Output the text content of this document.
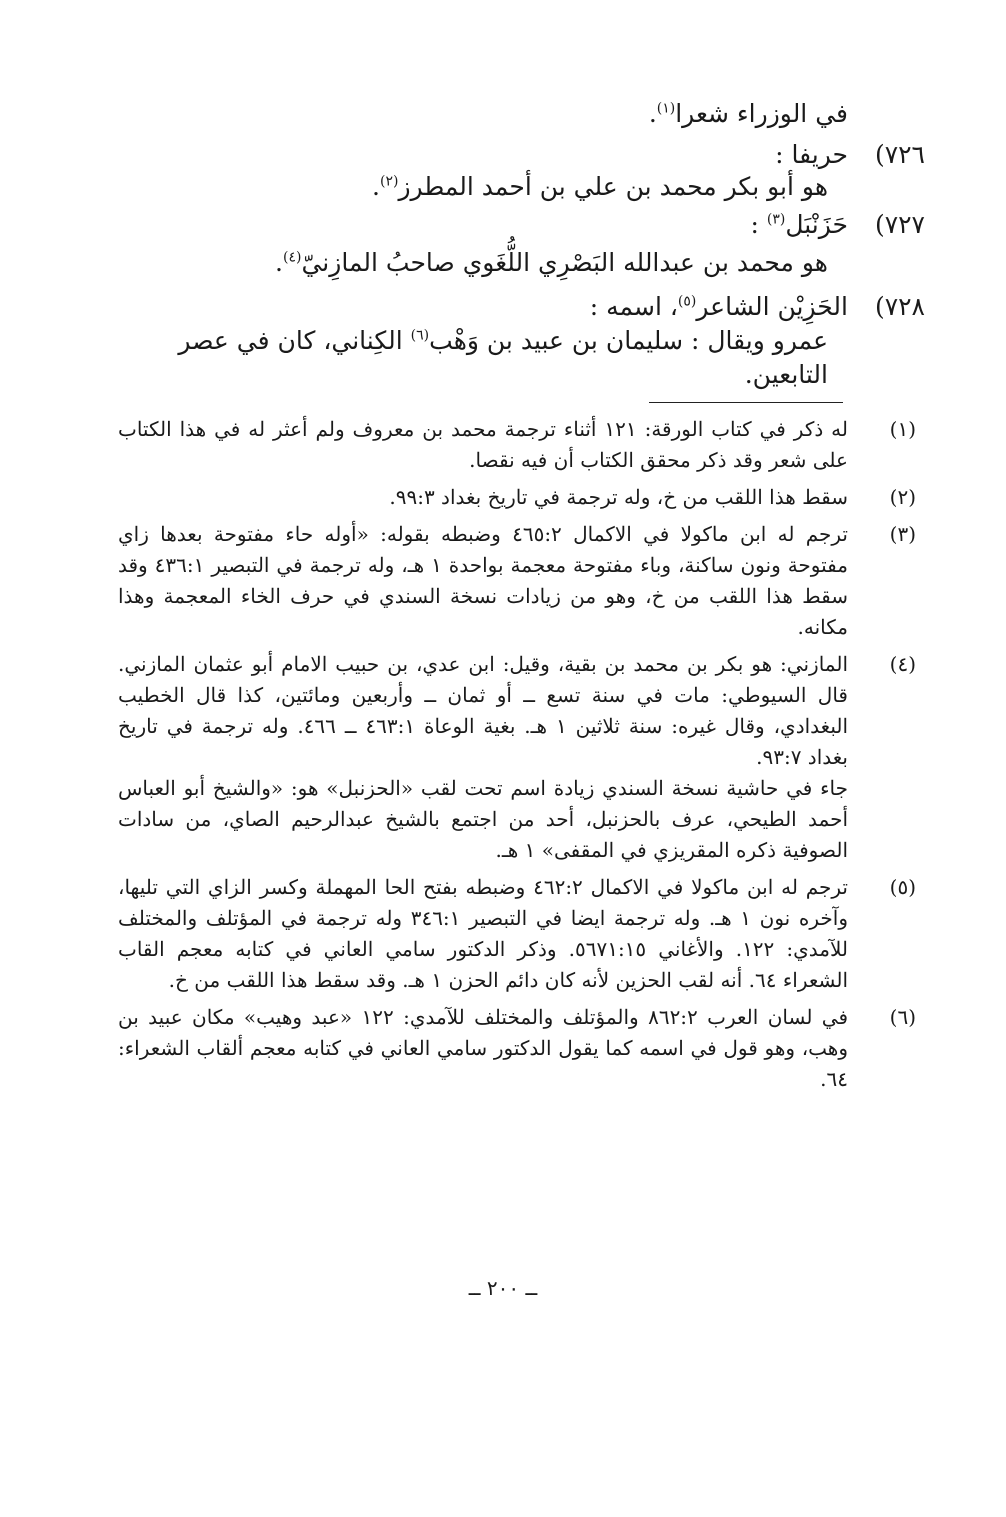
في الوزراء شعرا$^{(١)}$.
٧٢٦)
حريفا :
هو أبو بكر محمد بن علي بن أحمد المطرز$^{(٢)}$.
٧٢٧)
حَزَنْبَل$^{(٣)}$ :
هو محمد بن عبدالله البَصْرِي اللُّغَوي صاحبُ المازِنيّ$^{(٤)}$.
٧٢٨)
الحَزِيْن الشاعر$^{(٥)}$، اسمه :
عمرو ويقال : سليمان بن عبيد بن وَهْب$^{(٦)}$ الكِناني، كان في عصر
التابعين.
(١)

له ذكر في كتاب الورقة: ١٢١ أثناء ترجمة محمد بن معروف ولم أعثر له في هذا الكتاب على شعر وقد ذكر محقق الكتاب أن فيه نقصا.

(٢)

سقط هذا اللقب من خ، وله ترجمة في تاريخ بغداد ٩٩:٣.

(٣)

ترجم له ابن ماكولا في الاكمال ٤٦٥:٢ وضبطه بقوله: «أوله حاء مفتوحة بعدها زاي مفتوحة ونون ساكنة، وباء مفتوحة معجمة بواحدة ١ هـ، وله ترجمة في التبصير ٤٣٦:١ وقد سقط هذا اللقب من خ، وهو من زيادات نسخة السندي في حرف الخاء المعجمة وهذا مكانه.

(٤)

المازني: هو بكر بن محمد بن بقية، وقيل: ابن عدي، بن حبيب الامام أبو عثمان المازني. قال السيوطي: مات في سنة تسع ــ أو ثمان ــ وأربعين ومائتين، كذا قال الخطيب البغدادي، وقال غيره: سنة ثلاثين ١ هـ. بغية الوعاة ٤٦٣:١ ــ ٤٦٦. وله ترجمة في تاريخ بغداد ٩٣:٧.

جاء في حاشية نسخة السندي زيادة اسم تحت لقب «الحزنبل» هو: «والشيخ أبو العباس أحمد الطيحي، عرف بالحزنبل، أحد من اجتمع بالشيخ عبدالرحيم الصاي، من سادات الصوفية ذكره المقريزي في المقفى» ١ هـ.

(٥)

ترجم له ابن ماكولا في الاكمال ٤٦٢:٢ وضبطه بفتح الحا المهملة وكسر الزاي التي تليها، وآخره نون ١ هـ. وله ترجمة ايضا في التبصير ٣٤٦:١ وله ترجمة في المؤتلف والمختلف للآمدي: ١٢٢. والأغاني ٥٦٧١:١٥. وذكر الدكتور سامي العاني في كتابه معجم القاب الشعراء ٦٤. أنه لقب الحزين لأنه كان دائم الحزن ١ هـ. وقد سقط هذا اللقب من خ.

(٦)

في لسان العرب ٨٦٢:٢ والمؤتلف والمختلف للآمدي: ١٢٢ «عبد وهيب» مكان عبيد بن وهب، وهو قول في اسمه كما يقول الدكتور سامي العاني في كتابه معجم ألقاب الشعراء: ٦٤.

ــ ٢٠٠ ــ
